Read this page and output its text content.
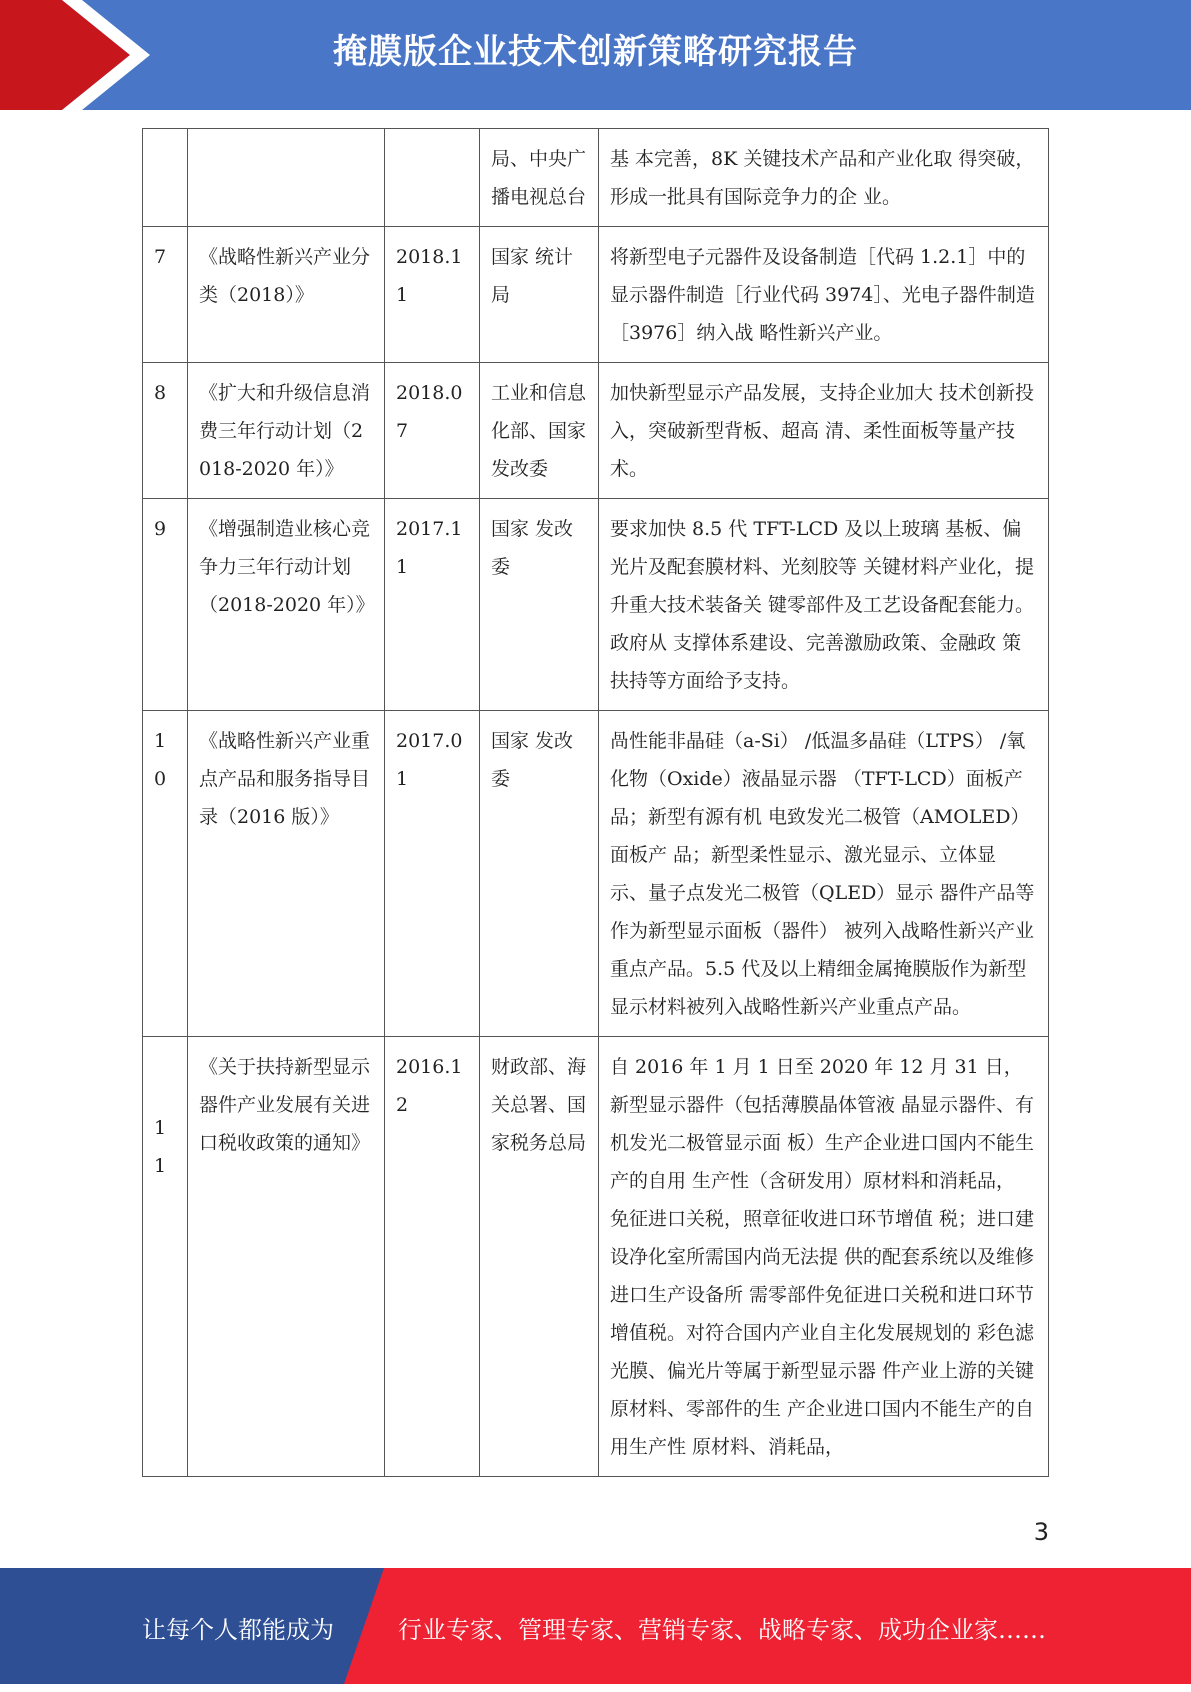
掩膜版企业技术创新策略研究报告
			局、中央广播电视总台	基 本完善，8K 关键技术产品和产业化取 得突破，形成一批具有国际竞争力的企 业。
7	《战略性新兴产业分类（2018）》	2018.11	国家 统计局	将新型电子元器件及设备制造［代码 1.2.1］中的显示器件制造［行业代码 3974］、光电子器件制造［3976］纳入战 略性新兴产业。
8	《扩大和升级信息消费三年行动计划（2018-2020 年）》	2018.07	工业和信息化部、国家发改委	加快新型显示产品发展，支持企业加大 技术创新投入，突破新型背板、超高 清、柔性面板等量产技术。
9	《增强制造业核心竞争力三年行动计划（2018-2020 年）》	2017.11	国家 发改委	要求加快 8.5 代 TFT-LCD 及以上玻璃 基板、偏光片及配套膜材料、光刻胶等 关键材料产业化，提升重大技术装备关 键零部件及工艺设备配套能力。政府从 支撑体系建设、完善激励政策、金融政 策扶持等方面给予支持。
10	《战略性新兴产业重点产品和服务指导目录（2016 版）》	2017.01	国家 发改委	咼性能非晶硅（a-Si） /低温多晶硅（LTPS） /氧化物（Oxide）液晶显示器 （TFT-LCD）面板产品；新型有源有机 电致发光二极管（AMOLED）面板产 品；新型柔性显示、激光显示、立体显 示、量子点发光二极管（QLED）显示 器件产品等作为新型显示面板（器件） 被列入战略性新兴产业重点产品。5.5 代及以上精细金属掩膜版作为新型显示材料被列入战略性新兴产业重点产品。
11	《关于扶持新型显示器件产业发展有关进口税收政策的通知》	2016.12	财政部、海关总署、国家税务总局	自 2016 年 1 月 1 日至 2020 年 12 月 31 日，新型显示器件（包括薄膜晶体管液 晶显示器件、有机发光二极管显示面 板）生产企业进口国内不能生产的自用 生产性（含研发用）原材料和消耗品， 免征进口关税，照章征收进口环节增值 税；进口建设净化室所需国内尚无法提 供的配套系统以及维修进口生产设备所 需零部件免征进口关税和进口环节增值税。对符合国内产业自主化发展规划的 彩色滤光膜、偏光片等属于新型显示器 件产业上游的关键原材料、零部件的生 产企业进口国内不能生产的自用生产性 原材料、消耗品，
3
让每个人都能成为	行业专家、管理专家、营销专家、战略专家、成功企业家……
